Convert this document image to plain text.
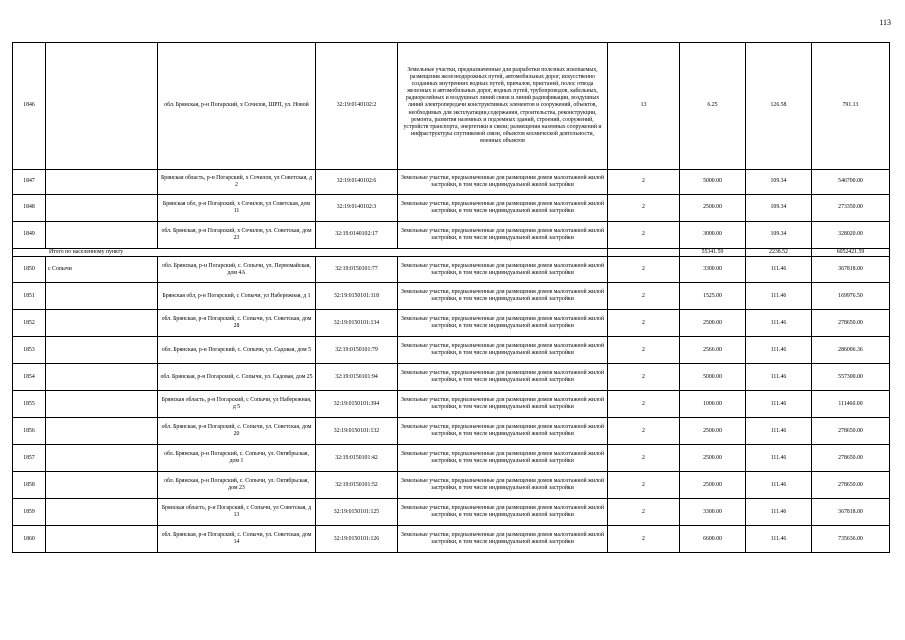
113
1846		обл. Брянская, р-н Погарский, х Сочилов, ШРП, ул. Новой	32:19:0140102:2	Земельные участки, предназначенные для разработки полезных ископаемых, размещения железнодорожных путей, автомобильных дорог, искусственно созданных внутренних водных путей, причалов, пристаней, полос отвода железных и автомобильных дорог, водных путей, трубопроводов, кабельных, радиорелейных и воздушных линий связи и линий радиофикации, воздушных линий электропередачи конструктивных элементов и сооружений, объектов, необходимых для эксплуатации,содержания, строительства, реконструкции, ремонта, развития наземных и подземных зданий, строений, сооружений, устройств транспорта, энергетики и связи; размещения наземных сооружений и инфраструктуры спутниковой связи, объектов космической деятельности, военных объектов	13	6.25	126.58	791.13
1847		Брянская область, р-н Погарский, х Сочилов, ул Советская, д 2	32:19:0140102:6	Земельные участки, предназначенные для размещения домов малоэтажной жилой застройки, в том числе индивидуальной жилой застройки	2	5000.00	109.34	546700.00
1848		Брянская обл, р-н Погарский, х Сочилов, ул Советская, дом 11	32:19:0140102:3	Земельные участки, предназначенные для размещения домов малоэтажной жилой застройки, в том числе индивидуальной жилой застройки	2	2500.00	109.34	273350.00
1849		обл. Брянская, р-н Погарский, х Сочилов, ул. Советская, дом 23	32:19:0140102:17	Земельные участки, предназначенные для размещения домов малоэтажной жилой застройки, в том числе индивидуальной жилой застройки	2	3000.00	109.34	328020.00
Итого по населенному пункту						55341.59	2238.52	6052421.59
1850	с Сопычи	обл. Брянская, р-н Погарский, с. Сопычи, ул. Первомайская, дом 4А	32:19:0150101:77	Земельные участки, предназначенные для размещения домов малоэтажной жилой застройки, в том числе индивидуальной жилой застройки	2	3300.00	111.46	367818.00
1851		Брянская обл, р-н Погарский, с Сопычи, ул Набережная, д 1	32:19:0150101:118	Земельные участки, предназначенные для размещения домов малоэтажной жилой застройки, в том числе индивидуальной жилой застройки	2	1525.00	111.46	169976.50
1852		обл. Брянская, р-н Погарский, с. Сопычи, ул. Советская, дом 28	32:19:0150101:134	Земельные участки, предназначенные для размещения домов малоэтажной жилой застройки, в том числе индивидуальной жилой застройки	2	2500.00	111.46	278650.00
1853		обл. Брянская, р-н Погарский, с. Сопычи, ул. Садовая, дом 5	32:19:0150101:79	Земельные участки, предназначенные для размещения домов малоэтажной жилой застройки, в том числе индивидуальной жилой застройки	2	2566.00	111.46	286006.36
1854		обл. Брянская, р-н Погарский, с. Сопычи, ул. Садовая, дом 25	32:19:0150101:94	Земельные участки, предназначенные для размещения домов малоэтажной жилой застройки, в том числе индивидуальной жилой застройки	2	5000.00	111.46	557300.00
1855		Брянская область, р-н Погарский, с Сопычи, ул Набережная, д 5	32:19:0150101:394	Земельные участки, предназначенные для размещения домов малоэтажной жилой застройки, в том числе индивидуальной жилой застройки	2	1000.00	111.46	111460.00
1856		обл. Брянская, р-н Погарский, с. Сопычи, ул. Советская, дом 20	32:19:0150101:132	Земельные участки, предназначенные для размещения домов малоэтажной жилой застройки, в том числе индивидуальной жилой застройки	2	2500.00	111.46	278650.00
1857		обл. Брянская, р-н Погарский, с. Сопычи, ул. Октябрьская, дом 1	32:19:0150101:42	Земельные участки, предназначенные для размещения домов малоэтажной жилой застройки, в том числе индивидуальной жилой застройки	2	2500.00	111.46	278650.00
1858		обл. Брянская, р-н Погарский, с. Сопычи, ул. Октябрьская, дом 23	32:19:0150101:52	Земельные участки, предназначенные для размещения домов малоэтажной жилой застройки, в том числе индивидуальной жилой застройки	2	2500.00	111.46	278650.00
1859		Брянская область, р-н Погарский, с Сопычи, ул Советская, д 13	32:19:0150101:125	Земельные участки, предназначенные для размещения домов малоэтажной жилой застройки, в том числе индивидуальной жилой застройки	2	3300.00	111.46	367818.00
1860		обл. Брянская, р-н Погарский, с. Сопычи, ул. Советская, дом 14	32:19:0150101:126	Земельные участки, предназначенные для размещения домов малоэтажной жилой застройки, в том числе индивидуальной жилой застройки	2	6600.00	111.46	735636.00
